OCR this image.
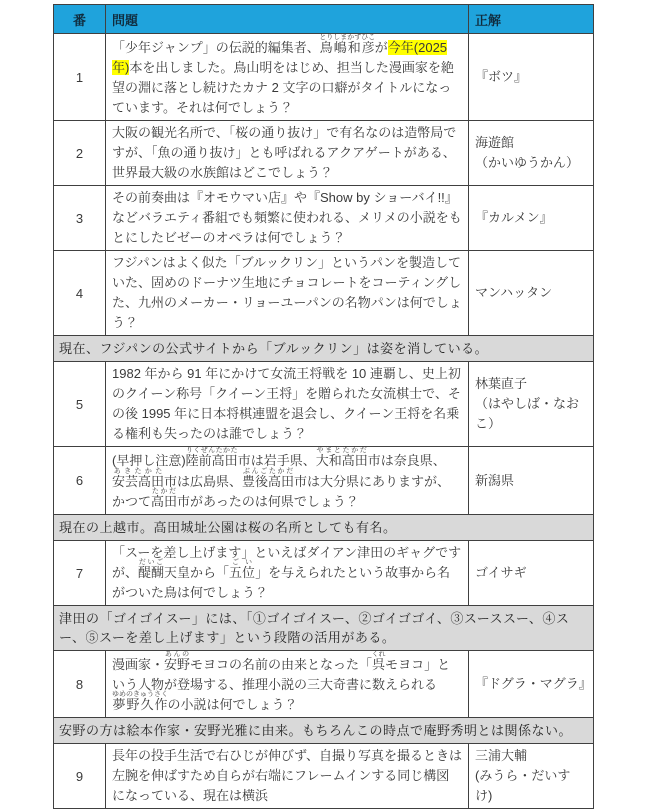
番	問題	正解
1	「少年ジャンプ」の伝説的編集者、鳥嶋和彦とりしまかずひこが今年(2025 年)本を出しました。鳥山明をはじめ、担当した漫画家を絶望の淵に落とし続けたカナ 2 文字の口癖がタイトルになっています。それは何でしょう？	『ボツ』
2	大阪の観光名所で、「桜の通り抜け」で有名なのは造幣局ですが、「魚の通り抜け」とも呼ばれるアクアゲートがある、世界最大級の水族館はどこでしょう？	海遊館
（かいゆうかん）
3	その前奏曲は『オモウマい店』や『Show by ショーバイ!!』などバラエティ番組でも頻繁に使われる、メリメの小説をもとにしたビゼーのオペラは何でしょう？	『カルメン』
4	フジパンはよく似た「ブルックリン」というパンを製造していた、固めのドーナツ生地にチョコレートをコーティングした、九州のメーカー・リョーユーパンの名物パンは何でしょう？	マンハッタン
現在、フジパンの公式サイトから「ブルックリン」は姿を消している。		
5	1982 年から 91 年にかけて女流王将戦を 10 連覇し、史上初のクイーン称号「クイーン王将」を贈られた女流棋士で、その後 1995 年に日本将棋連盟を退会し、クイーン王将を名乗る権利も失ったのは誰でしょう？	林葉直子
（はやしば・なおこ）
6	(早押し注意)陸前高田りくぜんたかた市は岩手県、大和高田やまとたかだ市は奈良県、安芸高田あきたかた市は広島県、豊後高田ぶんごたかだ市は大分県にありますが、かつて高田たかだ市があったのは何県でしょう？	新潟県
現在の上越市。高田城址公園は桜の名所としても有名。		
7	「スーを差し上げます」といえばダイアン津田のギャグですが、醍醐だいご天皇から「五位ごい」を与えられたという故事から名がついた鳥は何でしょう？	ゴイサギ
津田の「ゴイゴイスー」には、「①ゴイゴイスー、②ゴイゴゴイ、③スーススー、④スー、⑤スーを差し上げます」という段階の活用がある。		
8	漫画家・安野あんのモヨコの名前の由来となった「呉くれモヨコ」という人物が登場する、推理小説の三大奇書に数えられる夢野久作ゆめのきゅうさくの小説は何でしょう？	『ドグラ・マグラ』
安野の方は絵本作家・安野光雅に由来。もちろんこの時点で庵野秀明とは関係ない。		
9	長年の投手生活で右ひじが伸びず、自撮り写真を撮るときは左腕を伸ばすため自らが右端にフレームインする同じ構図になっている、現在は横浜	三浦大輔
(みうら・だいすけ)
